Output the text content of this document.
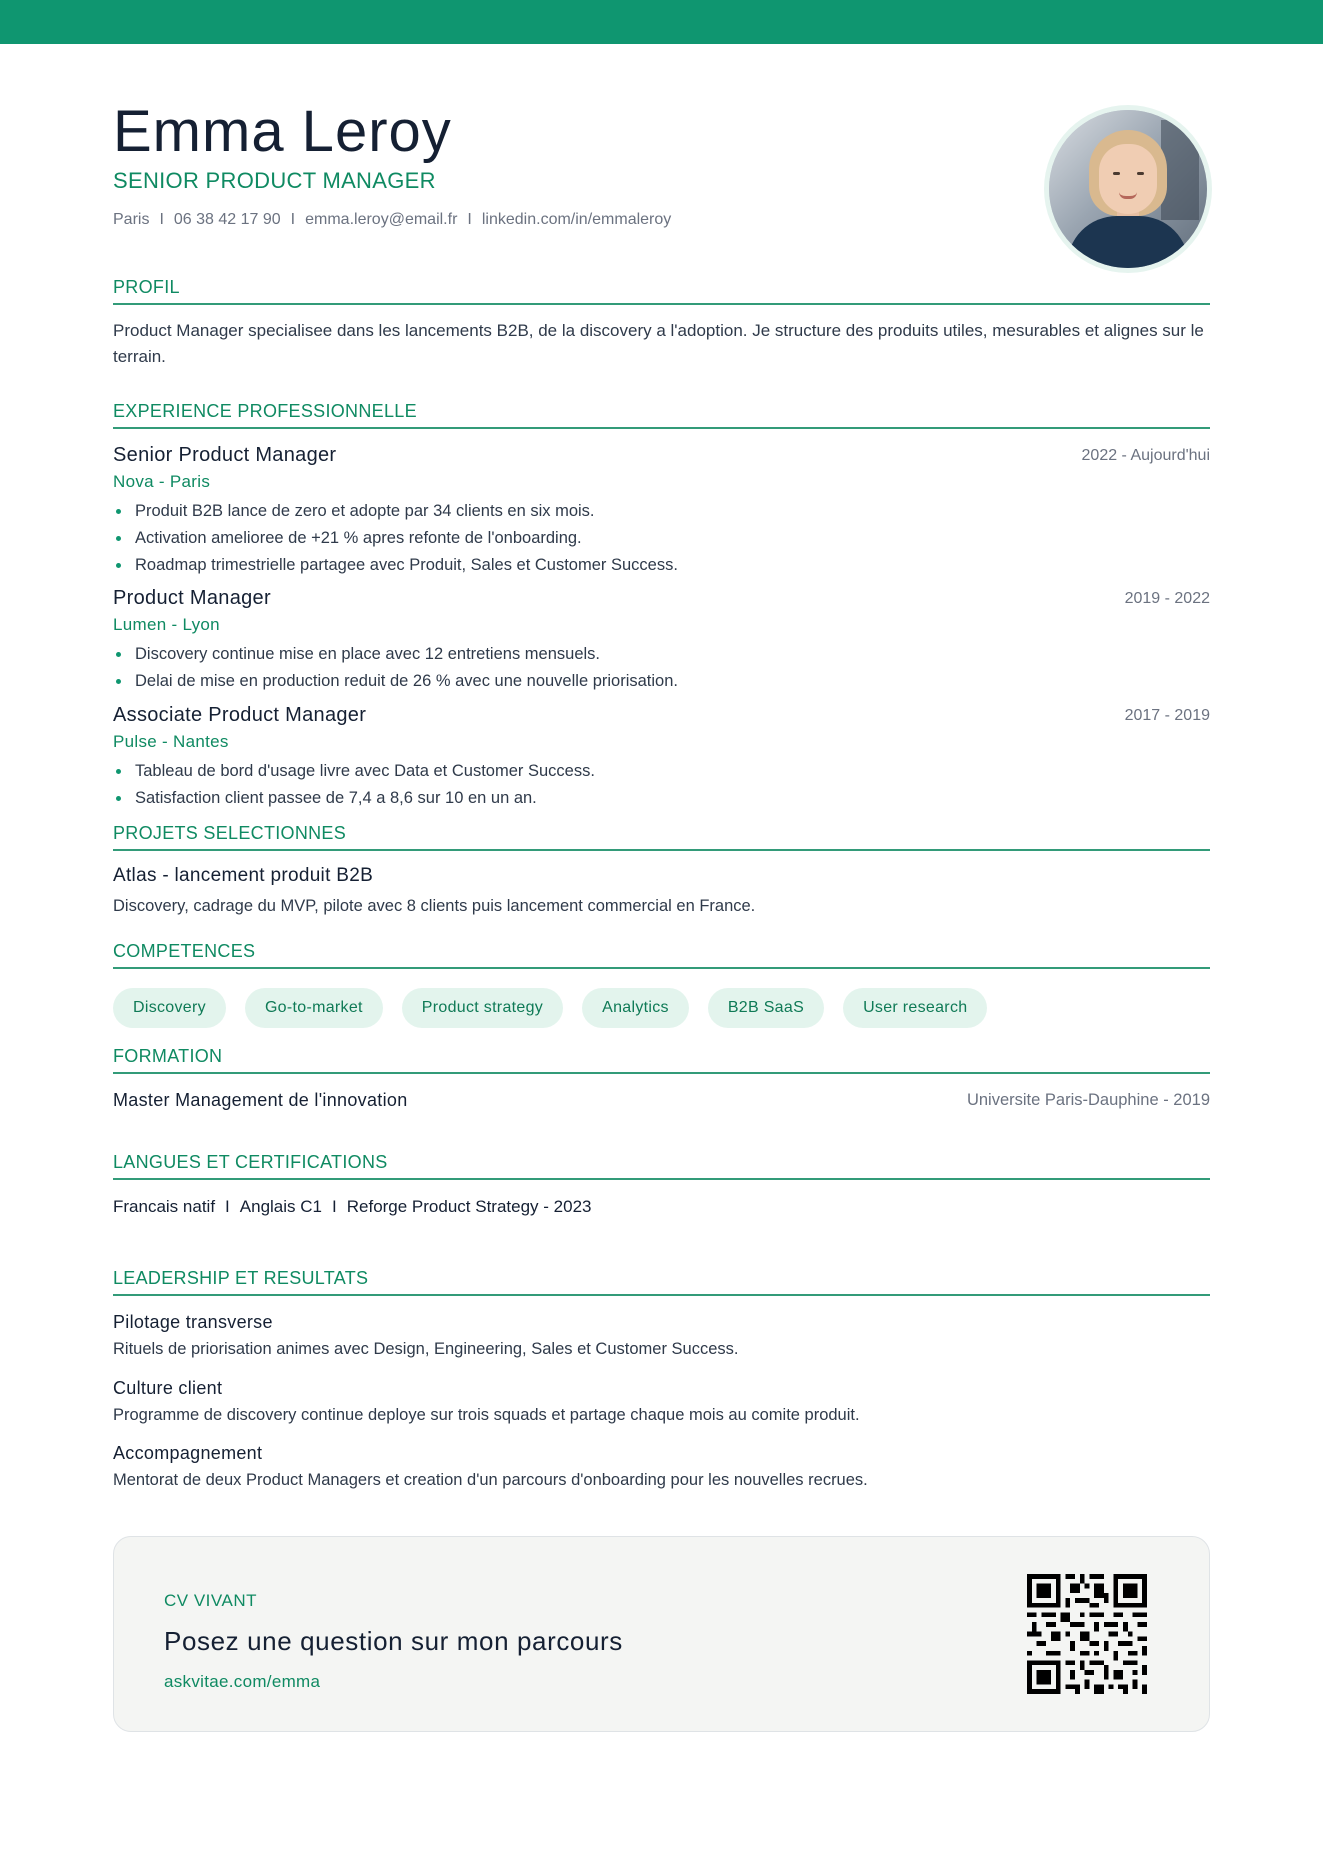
Emma Leroy
SENIOR PRODUCT MANAGER
Paris I 06 38 42 17 90 I emma.leroy@email.fr I linkedin.com/in/emmaleroy
PROFIL
Product Manager specialisee dans les lancements B2B, de la discovery a l'adoption. Je structure des produits utiles, mesurables et alignes sur le terrain.
EXPERIENCE PROFESSIONNELLE
Senior Product Manager	2022 - Aujourd'hui
Nova - Paris
Produit B2B lance de zero et adopte par 34 clients en six mois.
Activation amelioree de +21 % apres refonte de l'onboarding.
Roadmap trimestrielle partagee avec Produit, Sales et Customer Success.
Product Manager	2019 - 2022
Lumen - Lyon
Discovery continue mise en place avec 12 entretiens mensuels.
Delai de mise en production reduit de 26 % avec une nouvelle priorisation.
Associate Product Manager	2017 - 2019
Pulse - Nantes
Tableau de bord d'usage livre avec Data et Customer Success.
Satisfaction client passee de 7,4 a 8,6 sur 10 en un an.
PROJETS SELECTIONNES
Atlas - lancement produit B2B
Discovery, cadrage du MVP, pilote avec 8 clients puis lancement commercial en France.
COMPETENCES
Discovery	Go-to-market	Product strategy	Analytics	B2B SaaS	User research
FORMATION
Master Management de l'innovation	Universite Paris-Dauphine - 2019
LANGUES ET CERTIFICATIONS
Francais natif I Anglais C1 I Reforge Product Strategy - 2023
LEADERSHIP ET RESULTATS
Pilotage transverse
Rituels de priorisation animes avec Design, Engineering, Sales et Customer Success.
Culture client
Programme de discovery continue deploye sur trois squads et partage chaque mois au comite produit.
Accompagnement
Mentorat de deux Product Managers et creation d'un parcours d'onboarding pour les nouvelles recrues.
CV VIVANT
Posez une question sur mon parcours
askvitae.com/emma
